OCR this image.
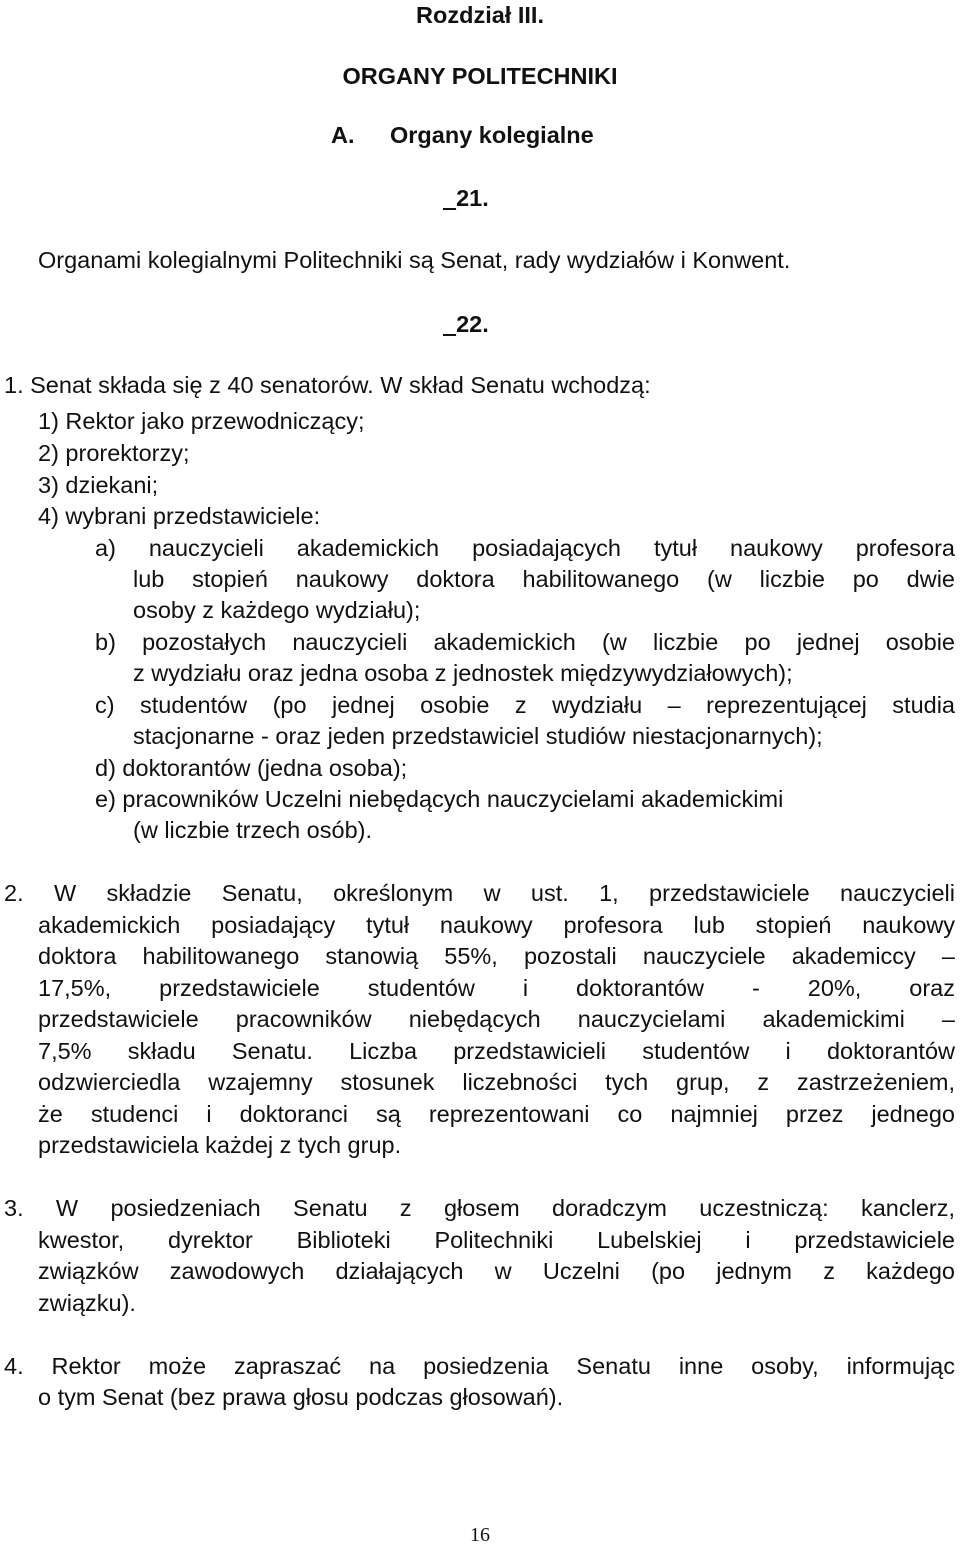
Rozdział III.
ORGANY POLITECHNIKI
A. Organy kolegialne
21.
Organami kolegialnymi Politechniki są Senat, rady wydziałów i Konwent.
22.
1. Senat składa się z 40 senatorów. W skład Senatu wchodzą:
1) Rektor jako przewodniczący;
2) prorektorzy;
3) dziekani;
4) wybrani przedstawiciele:
a) nauczycieli akademickich posiadających tytuł naukowy profesora
lub stopień naukowy doktora habilitowanego (w liczbie po dwie
osoby z każdego wydziału);
b) pozostałych nauczycieli akademickich (w liczbie po jednej osobie
z wydziału oraz jedna osoba z jednostek międzywydziałowych);
c) studentów (po jednej osobie z wydziału – reprezentującej studia
stacjonarne - oraz jeden przedstawiciel studiów niestacjonarnych);
d) doktorantów (jedna osoba);
e) pracowników Uczelni niebędących nauczycielami akademickimi
(w liczbie trzech osób).
2. W składzie Senatu, określonym w ust. 1, przedstawiciele nauczycieli
akademickich posiadający tytuł naukowy profesora lub stopień naukowy
doktora habilitowanego stanowią 55%, pozostali nauczyciele akademiccy –
17,5%, przedstawiciele studentów i doktorantów - 20%, oraz
przedstawiciele pracowników niebędących nauczycielami akademickimi –
7,5% składu Senatu. Liczba przedstawicieli studentów i doktorantów
odzwierciedla wzajemny stosunek liczebności tych grup, z zastrzeżeniem,
że studenci i doktoranci są reprezentowani co najmniej przez jednego
przedstawiciela każdej z tych grup.
3. W posiedzeniach Senatu z głosem doradczym uczestniczą: kanclerz,
kwestor, dyrektor Biblioteki Politechniki Lubelskiej i przedstawiciele
związków zawodowych działających w Uczelni (po jednym z każdego
związku).
4. Rektor może zapraszać na posiedzenia Senatu inne osoby, informując
o tym Senat (bez prawa głosu podczas głosowań).
16
